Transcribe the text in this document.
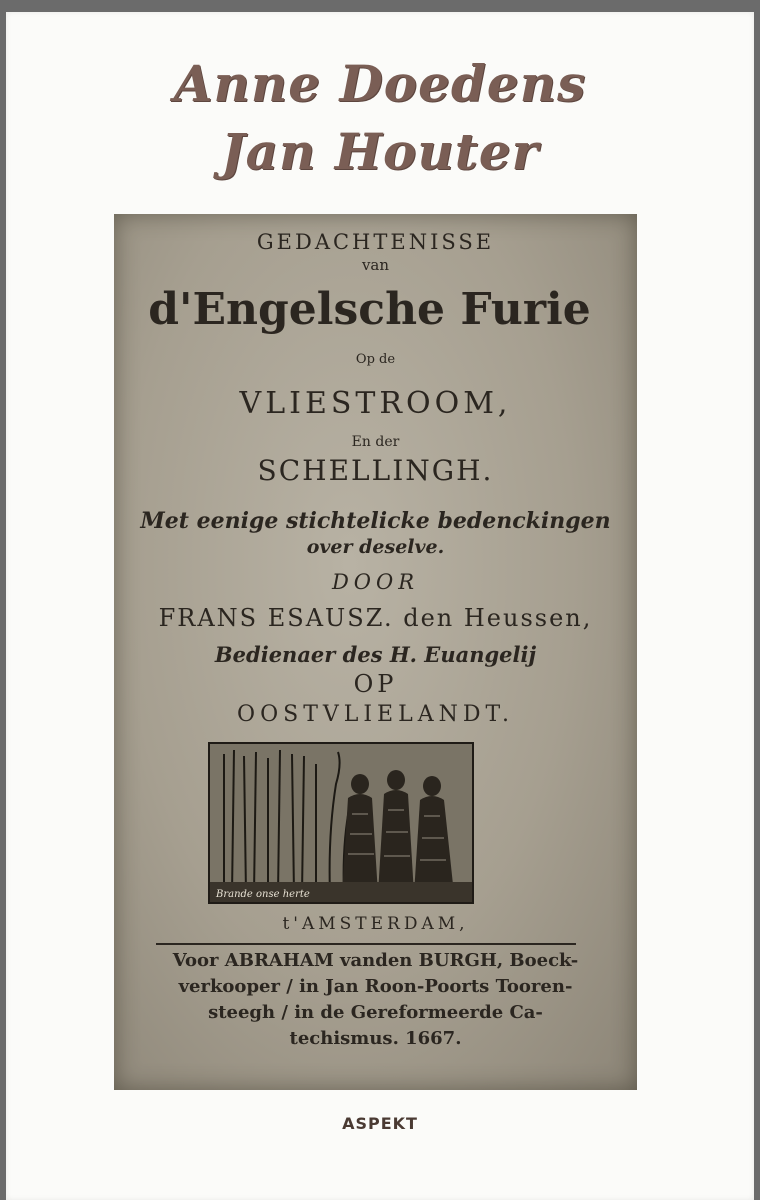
Anne Doedens
Jan Houter
GEDACHTENISSE
van
d'Engelsche Furie
Op de
VLIESTROOM,
En der
SCHELLINGH.
Met eenige stichtelicke bedenckingen
over deselve.
DOOR
FRANS ESAUSZ. den Heussen,
Bedienaer des H. Euangelij
OP
OOSTVLIELANDT.
Brande onse herte
t'AMSTERDAM,
Voor ABRAHAM vanden BURGH, Boeck-
verkooper / in Jan Roon-Poorts Tooren-
steegh / in de Gereformeerde Ca-
techismus. 1667.
ASPEKT
